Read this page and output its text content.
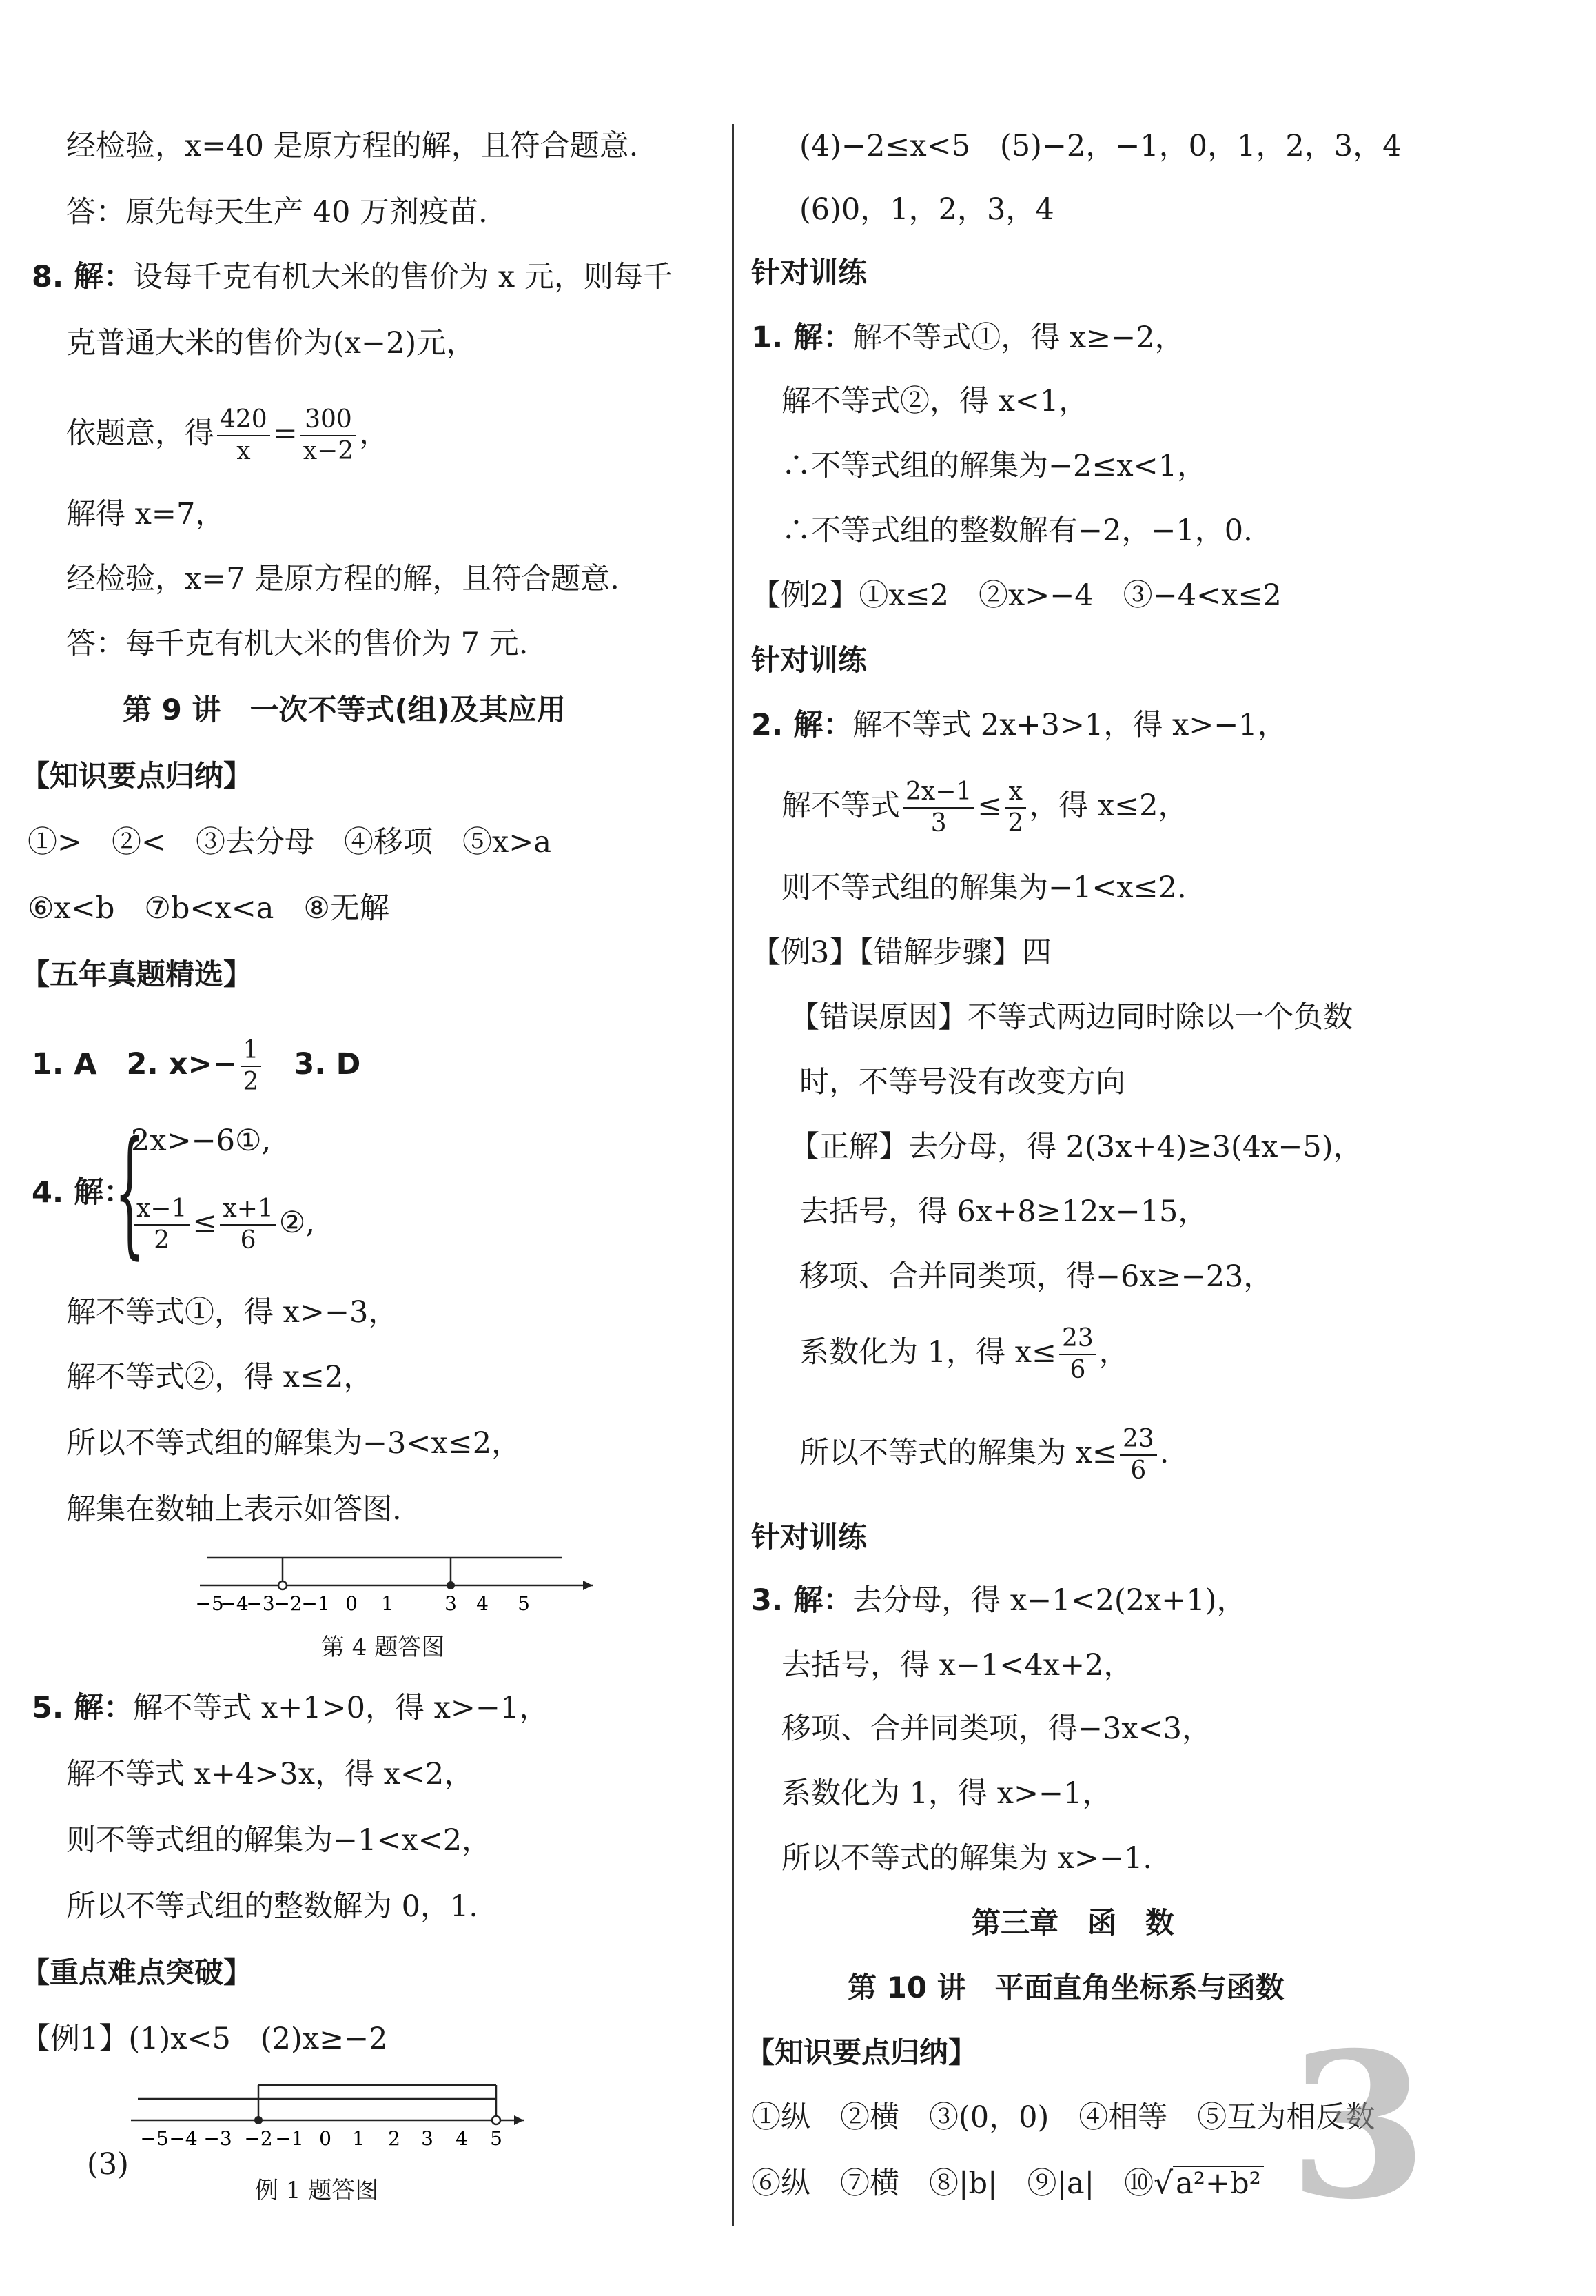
经检验，x=40 是原方程的解，且符合题意.
答：原先每天生产 40 万剂疫苗.
8. 解：设每千克有机大米的售价为 x 元，则每千
克普通大米的售价为(x−2)元，
依题意，得 $\frac{420}{x} = \frac{300}{x-2}$ ，
解得 x=7，
经检验，x=7 是原方程的解，且符合题意.
答：每千克有机大米的售价为 7 元.
第 9 讲　一次不等式(组)及其应用
【知识要点归纳】
①>　②<　③去分母　④移项　⑤x>a
⑥x<b　⑦b<x<a　⑧无解
【五年真题精选】
1. A　2. $x>- \frac{1}{2}$ 　3. D
4. 解：
{
2x>−6①,
$\frac{x-1}{2} \le \frac{x+1}{6}$ ②,
解不等式①，得 x>−3，
解不等式②，得 x≤2，
所以不等式组的解集为−3<x≤2，
解集在数轴上表示如答图.
−5
−4
−3
−2
−1 0 1	3 4 5
第 4 题答图
5. 解：解不等式 x+1>0，得 x>−1，
解不等式 x+4>3x，得 x<2，
则不等式组的解集为−1<x<2，
所以不等式组的整数解为 0，1.
【重点难点突破】
【例1】(1)x<5　(2)x≥−2
−5 −4 −3 −2 −1 0 1 2 3 4 5
(3)
例 1 题答图
(4)−2≤x<5　(5)−2，−1，0，1，2，3，4
(6)0，1，2，3，4
针对训练
1. 解：解不等式①，得 x≥−2，
解不等式②，得 x<1，
∴不等式组的解集为−2≤x<1，
∴不等式组的整数解有−2，−1，0.
【例2】①x≤2　②x>−4　③−4<x≤2
针对训练
2. 解：解不等式 2x+3>1，得 x>−1，
解不等式 $\frac{2x-1}{3} \le \frac{x}{2}$ ，得 x≤2，
则不等式组的解集为−1<x≤2.
【例3】【错解步骤】四
【错误原因】不等式两边同时除以一个负数
时，不等号没有改变方向
【正解】去分母，得 2(3x+4)≥3(4x−5)，
去括号，得 6x+8≥12x−15，
移项、合并同类项，得−6x≥−23，
系数化为 1，得 $x\le \frac{23}{6}$ ，
所以不等式的解集为 $x\le \frac{23}{6}$ .
针对训练
3. 解：去分母，得 x−1<2(2x+1)，
去括号，得 x−1<4x+2，
移项、合并同类项，得−3x<3，
系数化为 1，得 x>−1，
所以不等式的解集为 x>−1.
第三章　函　数
第 10 讲　平面直角坐标系与函数
【知识要点归纳】
①纵　②横　③(0，0)　④相等　⑤互为相反数
⑥纵　⑦横　⑧|b|　⑨|a|　⑩√a²+b² 3
